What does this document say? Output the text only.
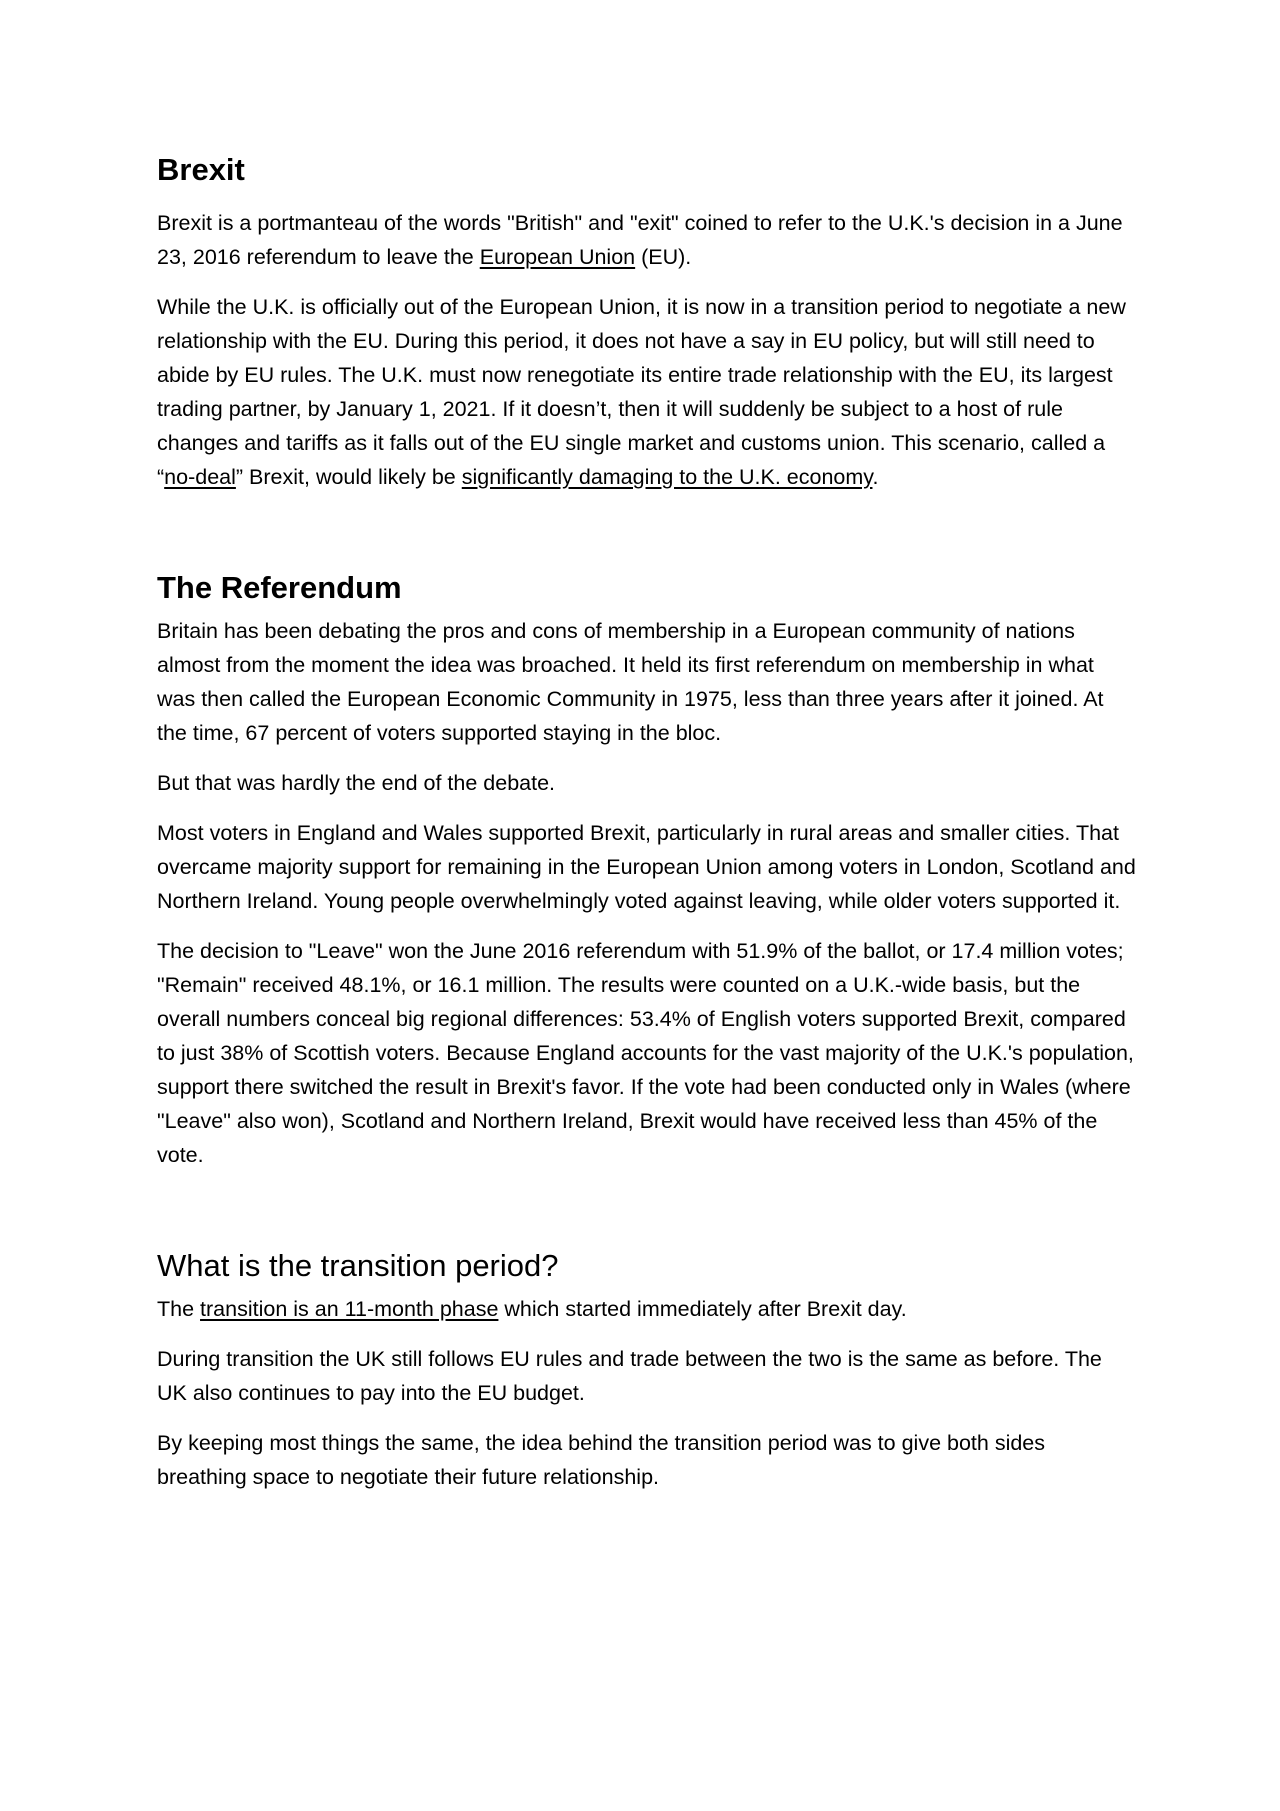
Brexit

Brexit is a portmanteau of the words "British" and "exit" coined to refer to the U.K.'s decision in a June 23, 2016 referendum to leave the European Union (EU).

While the U.K. is officially out of the European Union, it is now in a transition period to negotiate a new relationship with the EU. During this period, it does not have a say in EU policy, but will still need to abide by EU rules. The U.K. must now renegotiate its entire trade relationship with the EU, its largest trading partner, by January 1, 2021. If it doesn’t, then it will suddenly be subject to a host of rule changes and tariffs as it falls out of the EU single market and customs union. This scenario, called a “no-deal” Brexit, would likely be significantly damaging to the U.K. economy.

The Referendum

Britain has been debating the pros and cons of membership in a European community of nations almost from the moment the idea was broached. It held its first referendum on membership in what was then called the European Economic Community in 1975, less than three years after it joined. At the time, 67 percent of voters supported staying in the bloc.

But that was hardly the end of the debate.

Most voters in England and Wales supported Brexit, particularly in rural areas and smaller cities. That overcame majority support for remaining in the European Union among voters in London, Scotland and Northern Ireland. Young people overwhelmingly voted against leaving, while older voters supported it.

The decision to "Leave" won the June 2016 referendum with 51.9% of the ballot, or 17.4 million votes; "Remain" received 48.1%, or 16.1 million. The results were counted on a U.K.-wide basis, but the overall numbers conceal big regional differences: 53.4% of English voters supported Brexit, compared to just 38% of Scottish voters. Because England accounts for the vast majority of the U.K.'s population, support there switched the result in Brexit's favor. If the vote had been conducted only in Wales (where "Leave" also won), Scotland and Northern Ireland, Brexit would have received less than 45% of the vote.

What is the transition period?

The transition is an 11-month phase which started immediately after Brexit day.

During transition the UK still follows EU rules and trade between the two is the same as before. The UK also continues to pay into the EU budget.

By keeping most things the same, the idea behind the transition period was to give both sides breathing space to negotiate their future relationship.
